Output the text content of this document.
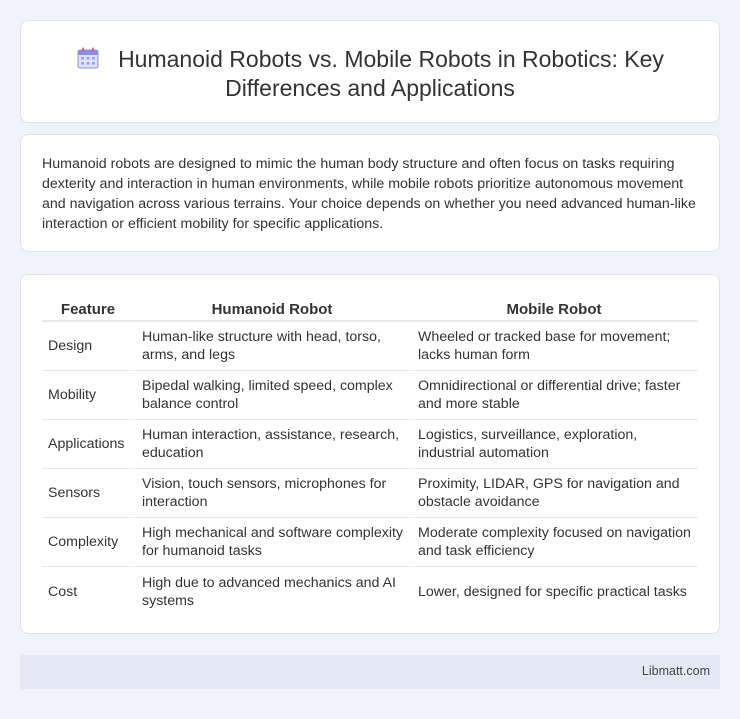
Humanoid Robots vs. Mobile Robots in Robotics: Key Differences and Applications

Humanoid robots are designed to mimic the human body structure and often focus on tasks requiring dexterity and interaction in human environments, while mobile robots prioritize autonomous movement and navigation across various terrains. Your choice depends on whether you need advanced human-like interaction or efficient mobility for specific applications.

Feature	Humanoid Robot	Mobile Robot
Design	Human-like structure with head, torso, arms, and legs	Wheeled or tracked base for movement; lacks human form
Mobility	Bipedal walking, limited speed, complex balance control	Omnidirectional or differential drive; faster and more stable
Applications	Human interaction, assistance, research, education	Logistics, surveillance, exploration, industrial automation
Sensors	Vision, touch sensors, microphones for interaction	Proximity, LIDAR, GPS for navigation and obstacle avoidance
Complexity	High mechanical and software complexity for humanoid tasks	Moderate complexity focused on navigation and task efficiency
Cost	High due to advanced mechanics and AI systems	Lower, designed for specific practical tasks
Libmatt.com
